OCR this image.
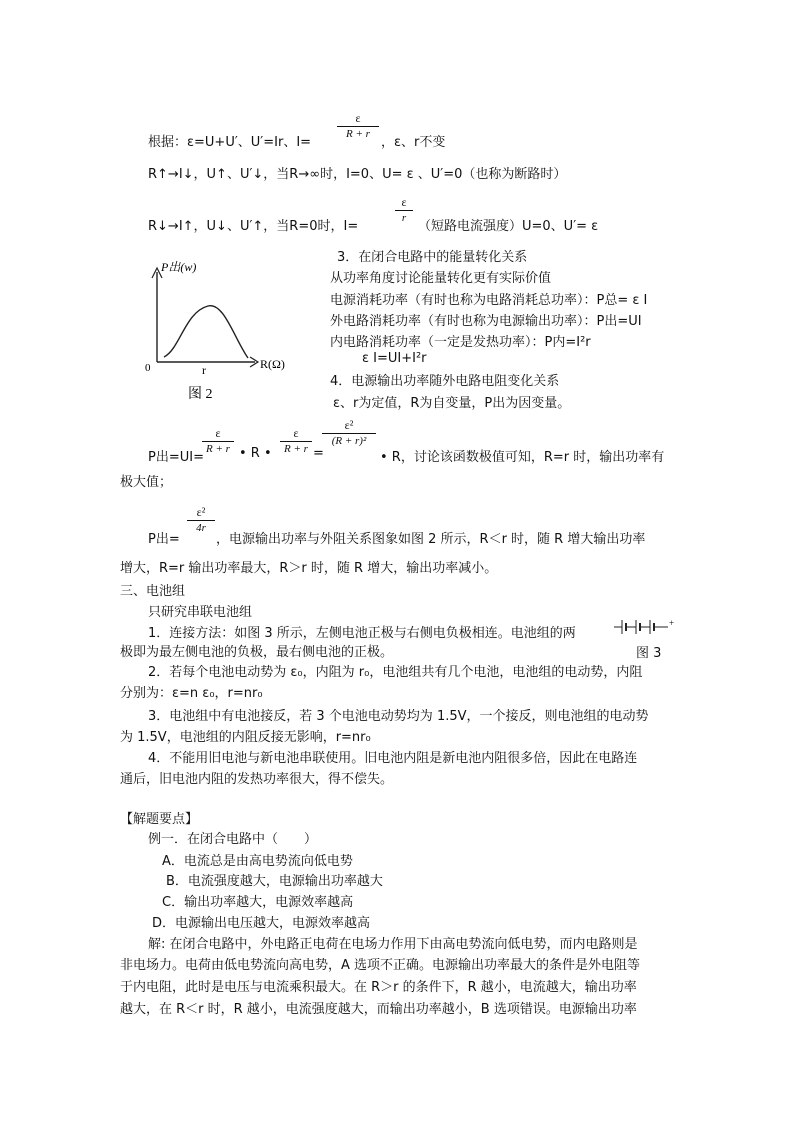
根据：ε=U+U′、U′=Ir、I=
$\frac{\varepsilon}{R + r}$
，ε、r不变
R↑→I↓，U↑、U′↓，当R→∞时，I=0、U= ε 、U′=0（也称为断路时）
R↓→I↑，U↓、U′↑，当R=0时，I=
$\frac{\varepsilon}{r}$
（短路电流强度）U=0、U′= ε
P出(w)
R(Ω)
0	r
图 2
3．在闭合电路中的能量转化关系
从功率角度讨论能量转化更有实际价值
电源消耗功率（有时也称为电路消耗总功率）：P总= ε I
外电路消耗功率（有时也称为电源输出功率）：P出=UI
内电路消耗功率（一定是发热功率）：P内=I²r
ε I=UI+I²r
4．电源输出功率随外电路电阻变化关系
ε、r为定值，R为自变量，P出为因变量。
P出=UI=
$\frac{\varepsilon}{R + r}$ • R • $\frac{\varepsilon}{R + r}$ =
$\frac{\text{ε²}}{\text{(R + r)²}}$
• R，讨论该函数极值可知，R=r 时，输出功率有
极大值；
P出=
$\frac{\text{ε²}}{4r}$
，电源输出功率与外阻关系图象如图 2 所示，R＜r 时，随 R 增大输出功率
增大，R=r 输出功率最大，R＞r 时，随 R 增大，输出功率减小。
三、电池组
只研究串联电池组
1．连接方法：如图 3 所示，左侧电池正极与右侧电负极相连。电池组的两
极即为最左侧电池的负极，最右侧电池的正极。
+
图 3
2．若每个电池电动势为 ε₀，内阻为 r₀，电池组共有几个电池，电池组的电动势，内阻
分别为：ε=n ε₀，r=nr₀
3．电池组中有电池接反，若 3 个电池电动势均为 1.5V，一个接反，则电池组的电动势
为 1.5V，电池组的内阻反接无影响，r=nr₀
4．不能用旧电池与新电池串联使用。旧电池内阻是新电池内阻很多倍，因此在电路连
通后，旧电池内阻的发热功率很大，得不偿失。
【解题要点】
例一．在闭合电路中（　　）
A．电流总是由高电势流向低电势
B．电流强度越大，电源输出功率越大
C．输出功率越大，电源效率越高
D．电源输出电压越大，电源效率越高
解: 在闭合电路中，外电路正电荷在电场力作用下由高电势流向低电势，而内电路则是
非电场力。电荷由低电势流向高电势，A 选项不正确。电源输出功率最大的条件是外电阻等
于内电阻，此时是电压与电流乘积最大。在 R＞r 的条件下，R 越小，电流越大，输出功率
越大，在 R＜r 时，R 越小，电流强度越大，而输出功率越小，B 选项错误。电源输出功率
